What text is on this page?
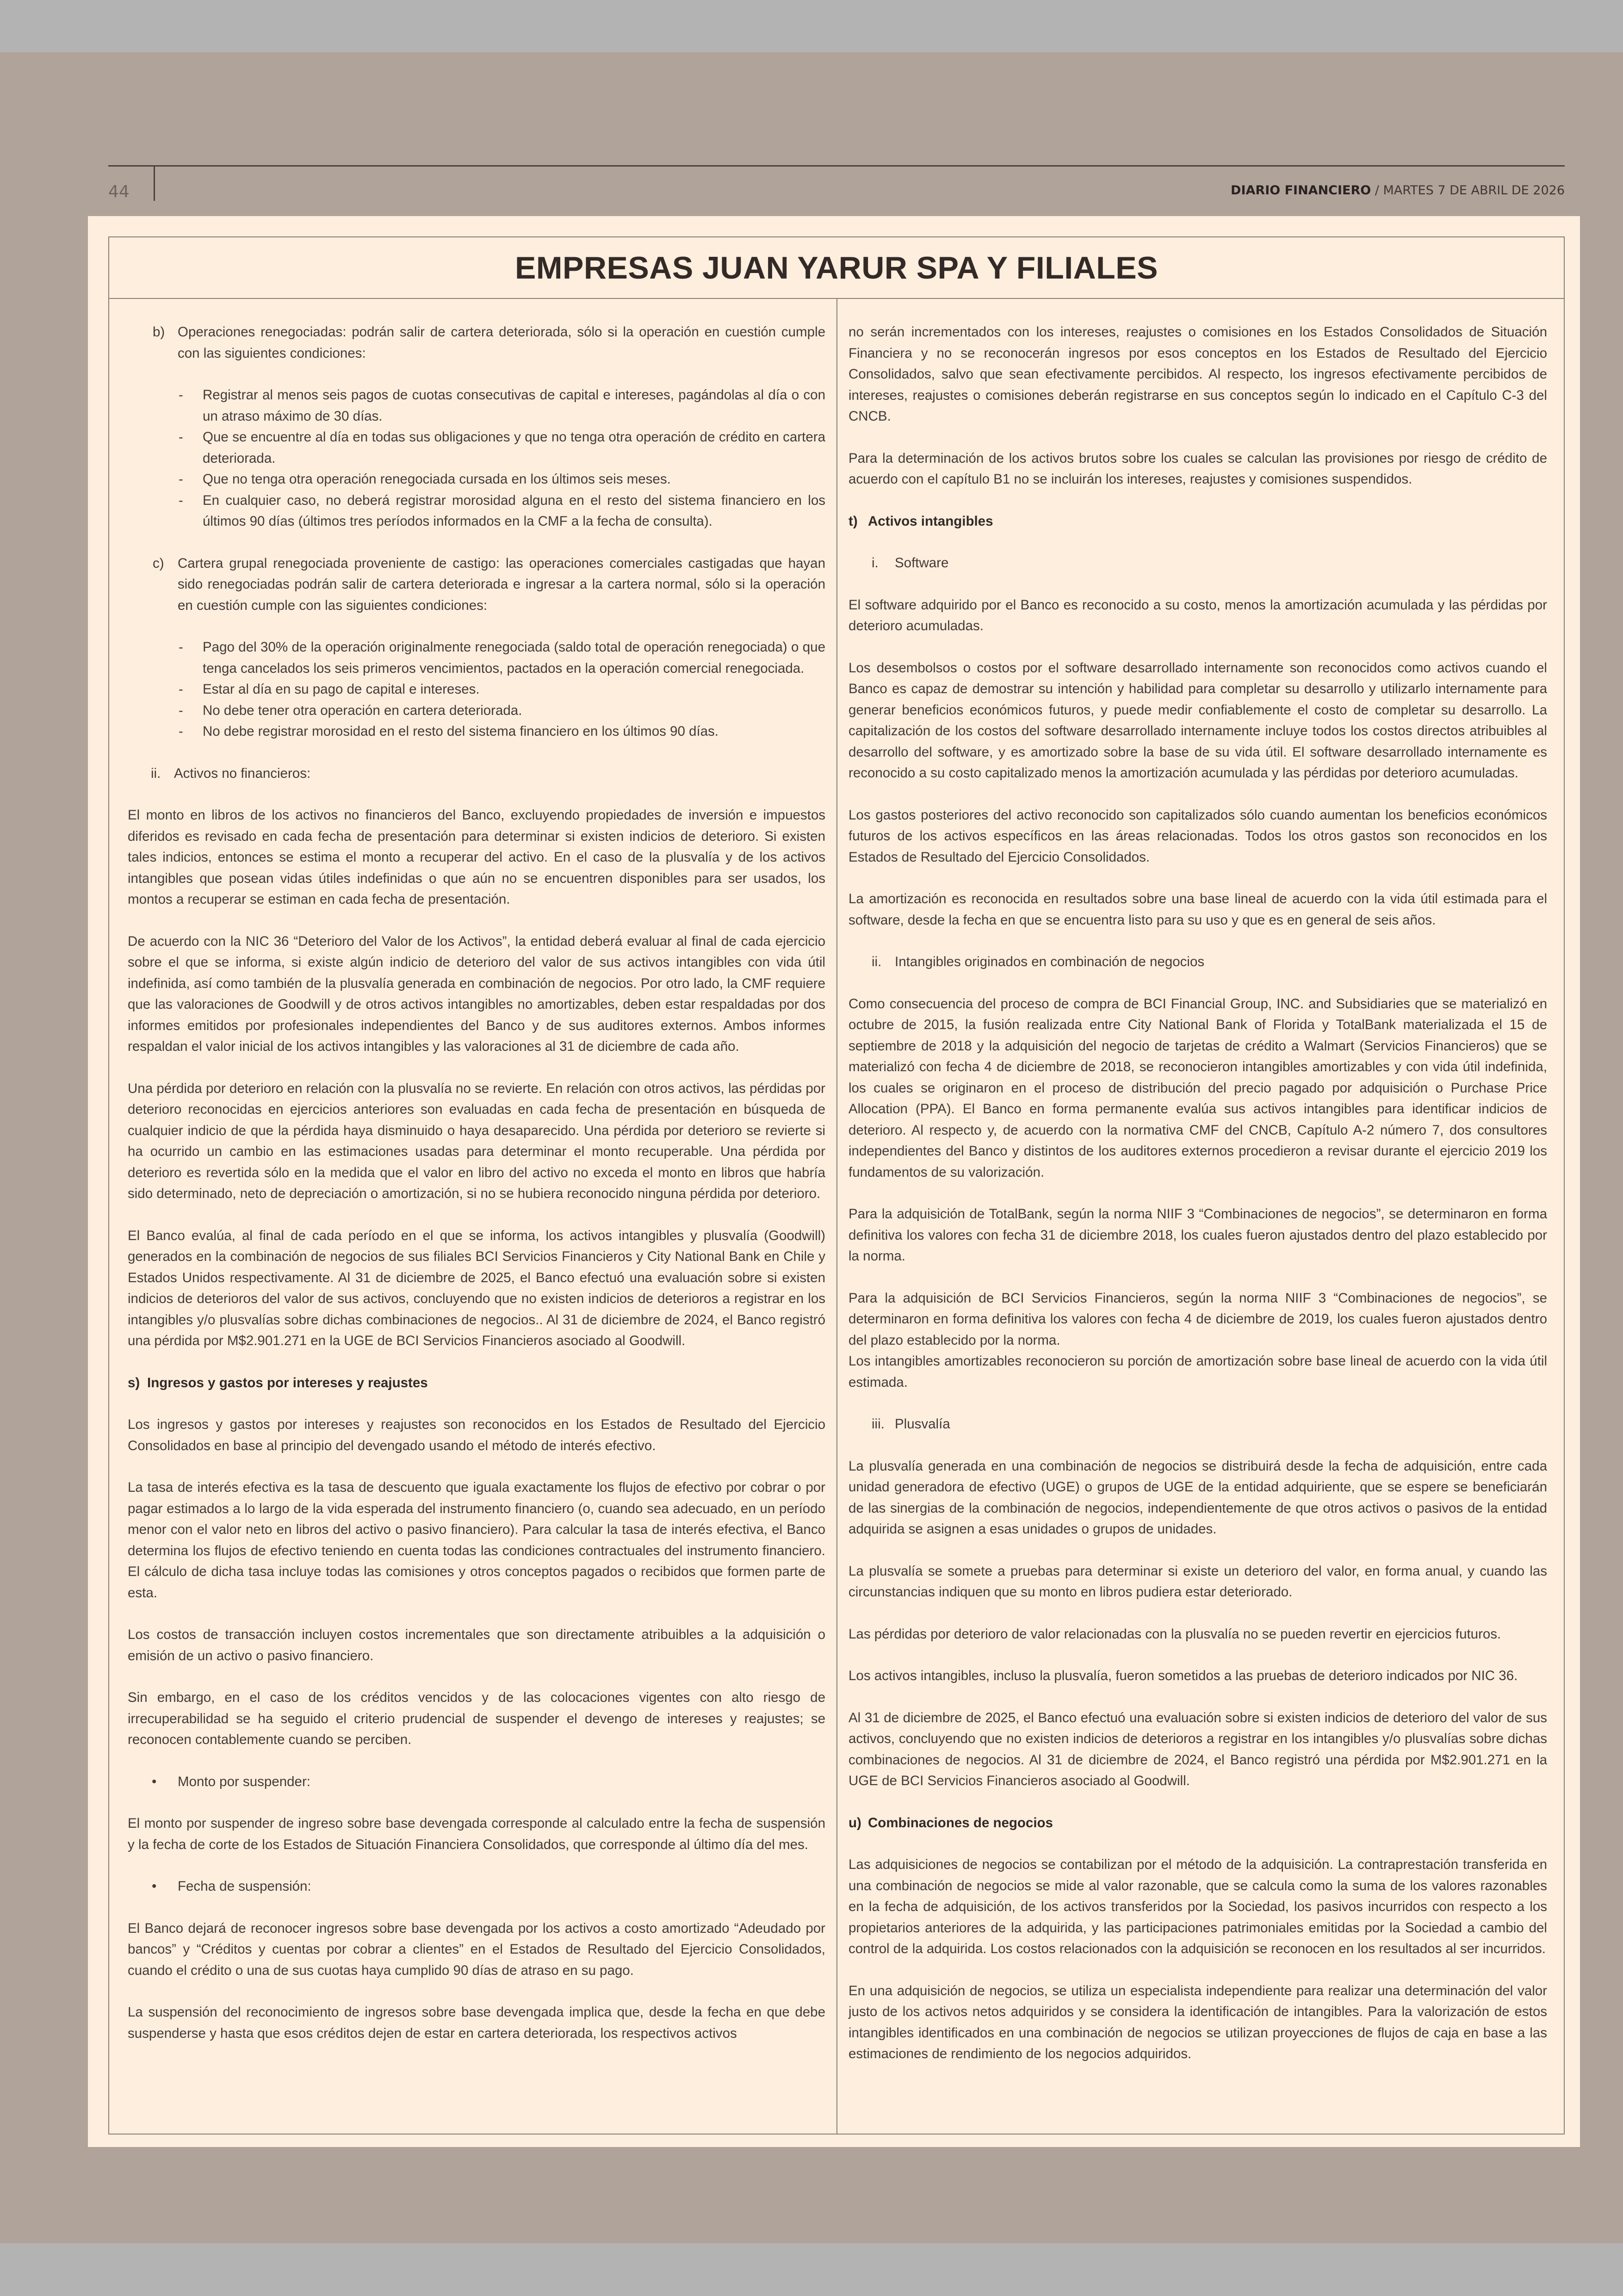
44	DIARIO FINANCIERO / MARTES 7 DE ABRIL DE 2026
EMPRESAS JUAN YARUR SPA Y FILIALES
b) Operaciones renegociadas: podrán salir de cartera deteriorada, sólo si la operación en cuestión cumple con las siguientes condiciones:
- Registrar al menos seis pagos de cuotas consecutivas de capital e intereses, pagándolas al día o con un atraso máximo de 30 días.
- Que se encuentre al día en todas sus obligaciones y que no tenga otra operación de crédito en cartera deteriorada.
- Que no tenga otra operación renegociada cursada en los últimos seis meses.
- En cualquier caso, no deberá registrar morosidad alguna en el resto del sistema financiero en los últimos 90 días (últimos tres períodos informados en la CMF a la fecha de consulta).
c) Cartera grupal renegociada proveniente de castigo: las operaciones comerciales castigadas que hayan sido renegociadas podrán salir de cartera deteriorada e ingresar a la cartera normal, sólo si la operación en cuestión cumple con las siguientes condiciones:
- Pago del 30% de la operación originalmente renegociada (saldo total de operación renegociada) o que tenga cancelados los seis primeros vencimientos, pactados en la operación comercial renegociada.
- Estar al día en su pago de capital e intereses.
- No debe tener otra operación en cartera deteriorada.
- No debe registrar morosidad en el resto del sistema financiero en los últimos 90 días.
ii. Activos no financieros:

El monto en libros de los activos no financieros del Banco, excluyendo propiedades de inversión e impuestos diferidos es revisado en cada fecha de presentación para determinar si existen indicios de deterioro. Si existen tales indicios, entonces se estima el monto a recuperar del activo. En el caso de la plusvalía y de los activos intangibles que posean vidas útiles indefinidas o que aún no se encuentren disponibles para ser usados, los montos a recuperar se estiman en cada fecha de presentación.

De acuerdo con la NIC 36 “Deterioro del Valor de los Activos”, la entidad deberá evaluar al final de cada ejercicio sobre el que se informa, si existe algún indicio de deterioro del valor de sus activos intangibles con vida útil indefinida, así como también de la plusvalía generada en combinación de negocios. Por otro lado, la CMF requiere que las valoraciones de Goodwill y de otros activos intangibles no amortizables, deben estar respaldadas por dos informes emitidos por profesionales independientes del Banco y de sus auditores externos. Ambos informes respaldan el valor inicial de los activos intangibles y las valoraciones al 31 de diciembre de cada año.

Una pérdida por deterioro en relación con la plusvalía no se revierte. En relación con otros activos, las pérdidas por deterioro reconocidas en ejercicios anteriores son evaluadas en cada fecha de presentación en búsqueda de cualquier indicio de que la pérdida haya disminuido o haya desaparecido. Una pérdida por deterioro se revierte si ha ocurrido un cambio en las estimaciones usadas para determinar el monto recuperable. Una pérdida por deterioro es revertida sólo en la medida que el valor en libro del activo no exceda el monto en libros que habría sido determinado, neto de depreciación o amortización, si no se hubiera reconocido ninguna pérdida por deterioro.

El Banco evalúa, al final de cada período en el que se informa, los activos intangibles y plusvalía (Goodwill) generados en la combinación de negocios de sus filiales BCI Servicios Financieros y City National Bank en Chile y Estados Unidos respectivamente. Al 31 de diciembre de 2025, el Banco efectuó una evaluación sobre si existen indicios de deterioros del valor de sus activos, concluyendo que no existen indicios de deterioros a registrar en los intangibles y/o plusvalías sobre dichas combinaciones de negocios.. Al 31 de diciembre de 2024, el Banco registró una pérdida por M$2.901.271 en la UGE de BCI Servicios Financieros asociado al Goodwill.

s) Ingresos y gastos por intereses y reajustes

Los ingresos y gastos por intereses y reajustes son reconocidos en los Estados de Resultado del Ejercicio Consolidados en base al principio del devengado usando el método de interés efectivo.

La tasa de interés efectiva es la tasa de descuento que iguala exactamente los flujos de efectivo por cobrar o por pagar estimados a lo largo de la vida esperada del instrumento financiero (o, cuando sea adecuado, en un período menor con el valor neto en libros del activo o pasivo financiero). Para calcular la tasa de interés efectiva, el Banco determina los flujos de efectivo teniendo en cuenta todas las condiciones contractuales del instrumento financiero. El cálculo de dicha tasa incluye todas las comisiones y otros conceptos pagados o recibidos que formen parte de esta.

Los costos de transacción incluyen costos incrementales que son directamente atribuibles a la adquisición o emisión de un activo o pasivo financiero.

Sin embargo, en el caso de los créditos vencidos y de las colocaciones vigentes con alto riesgo de irrecuperabilidad se ha seguido el criterio prudencial de suspender el devengo de intereses y reajustes; se reconocen contablemente cuando se perciben.

• Monto por suspender:

El monto por suspender de ingreso sobre base devengada corresponde al calculado entre la fecha de suspensión y la fecha de corte de los Estados de Situación Financiera Consolidados, que corresponde al último día del mes.

• Fecha de suspensión:

El Banco dejará de reconocer ingresos sobre base devengada por los activos a costo amortizado “Adeudado por bancos” y “Créditos y cuentas por cobrar a clientes” en el Estados de Resultado del Ejercicio Consolidados, cuando el crédito o una de sus cuotas haya cumplido 90 días de atraso en su pago.

La suspensión del reconocimiento de ingresos sobre base devengada implica que, desde la fecha en que debe suspenderse y hasta que esos créditos dejen de estar en cartera deteriorada, los respectivos activos

no serán incrementados con los intereses, reajustes o comisiones en los Estados Consolidados de Situación Financiera y no se reconocerán ingresos por esos conceptos en los Estados de Resultado del Ejercicio Consolidados, salvo que sean efectivamente percibidos. Al respecto, los ingresos efectivamente percibidos de intereses, reajustes o comisiones deberán registrarse en sus conceptos según lo indicado en el Capítulo C-3 del CNCB.

Para la determinación de los activos brutos sobre los cuales se calculan las provisiones por riesgo de crédito de acuerdo con el capítulo B1 no se incluirán los intereses, reajustes y comisiones suspendidos.

t) Activos intangibles
i. Software

El software adquirido por el Banco es reconocido a su costo, menos la amortización acumulada y las pérdidas por deterioro acumuladas.

Los desembolsos o costos por el software desarrollado internamente son reconocidos como activos cuando el Banco es capaz de demostrar su intención y habilidad para completar su desarrollo y utilizarlo internamente para generar beneficios económicos futuros, y puede medir confiablemente el costo de completar su desarrollo. La capitalización de los costos del software desarrollado internamente incluye todos los costos directos atribuibles al desarrollo del software, y es amortizado sobre la base de su vida útil. El software desarrollado internamente es reconocido a su costo capitalizado menos la amortización acumulada y las pérdidas por deterioro acumuladas.

Los gastos posteriores del activo reconocido son capitalizados sólo cuando aumentan los beneficios económicos futuros de los activos específicos en las áreas relacionadas. Todos los otros gastos son reconocidos en los Estados de Resultado del Ejercicio Consolidados.

La amortización es reconocida en resultados sobre una base lineal de acuerdo con la vida útil estimada para el software, desde la fecha en que se encuentra listo para su uso y que es en general de seis años.

ii. Intangibles originados en combinación de negocios

Como consecuencia del proceso de compra de BCI Financial Group, INC. and Subsidiaries que se materializó en octubre de 2015, la fusión realizada entre City National Bank of Florida y TotalBank materializada el 15 de septiembre de 2018 y la adquisición del negocio de tarjetas de crédito a Walmart (Servicios Financieros) que se materializó con fecha 4 de diciembre de 2018, se reconocieron intangibles amortizables y con vida útil indefinida, los cuales se originaron en el proceso de distribución del precio pagado por adquisición o Purchase Price Allocation (PPA). El Banco en forma permanente evalúa sus activos intangibles para identificar indicios de deterioro. Al respecto y, de acuerdo con la normativa CMF del CNCB, Capítulo A-2 número 7, dos consultores independientes del Banco y distintos de los auditores externos procedieron a revisar durante el ejercicio 2019 los fundamentos de su valorización.

Para la adquisición de TotalBank, según la norma NIIF 3 “Combinaciones de negocios”, se determinaron en forma definitiva los valores con fecha 31 de diciembre 2018, los cuales fueron ajustados dentro del plazo establecido por la norma.

Para la adquisición de BCI Servicios Financieros, según la norma NIIF 3 “Combinaciones de negocios”, se determinaron en forma definitiva los valores con fecha 4 de diciembre de 2019, los cuales fueron ajustados dentro del plazo establecido por la norma.

Los intangibles amortizables reconocieron su porción de amortización sobre base lineal de acuerdo con la vida útil estimada.

iii. Plusvalía

La plusvalía generada en una combinación de negocios se distribuirá desde la fecha de adquisición, entre cada unidad generadora de efectivo (UGE) o grupos de UGE de la entidad adquiriente, que se espere se beneficiarán de las sinergias de la combinación de negocios, independientemente de que otros activos o pasivos de la entidad adquirida se asignen a esas unidades o grupos de unidades.

La plusvalía se somete a pruebas para determinar si existe un deterioro del valor, en forma anual, y cuando las circunstancias indiquen que su monto en libros pudiera estar deteriorado.

Las pérdidas por deterioro de valor relacionadas con la plusvalía no se pueden revertir en ejercicios futuros.

Los activos intangibles, incluso la plusvalía, fueron sometidos a las pruebas de deterioro indicados por NIC 36.

Al 31 de diciembre de 2025, el Banco efectuó una evaluación sobre si existen indicios de deterioro del valor de sus activos, concluyendo que no existen indicios de deterioros a registrar en los intangibles y/o plusvalías sobre dichas combinaciones de negocios. Al 31 de diciembre de 2024, el Banco registró una pérdida por M$2.901.271 en la UGE de BCI Servicios Financieros asociado al Goodwill.

u) Combinaciones de negocios

Las adquisiciones de negocios se contabilizan por el método de la adquisición. La contraprestación transferida en una combinación de negocios se mide al valor razonable, que se calcula como la suma de los valores razonables en la fecha de adquisición, de los activos transferidos por la Sociedad, los pasivos incurridos con respecto a los propietarios anteriores de la adquirida, y las participaciones patrimoniales emitidas por la Sociedad a cambio del control de la adquirida. Los costos relacionados con la adquisición se reconocen en los resultados al ser incurridos.

En una adquisición de negocios, se utiliza un especialista independiente para realizar una determinación del valor justo de los activos netos adquiridos y se considera la identificación de intangibles. Para la valorización de estos intangibles identificados en una combinación de negocios se utilizan proyecciones de flujos de caja en base a las estimaciones de rendimiento de los negocios adquiridos.
